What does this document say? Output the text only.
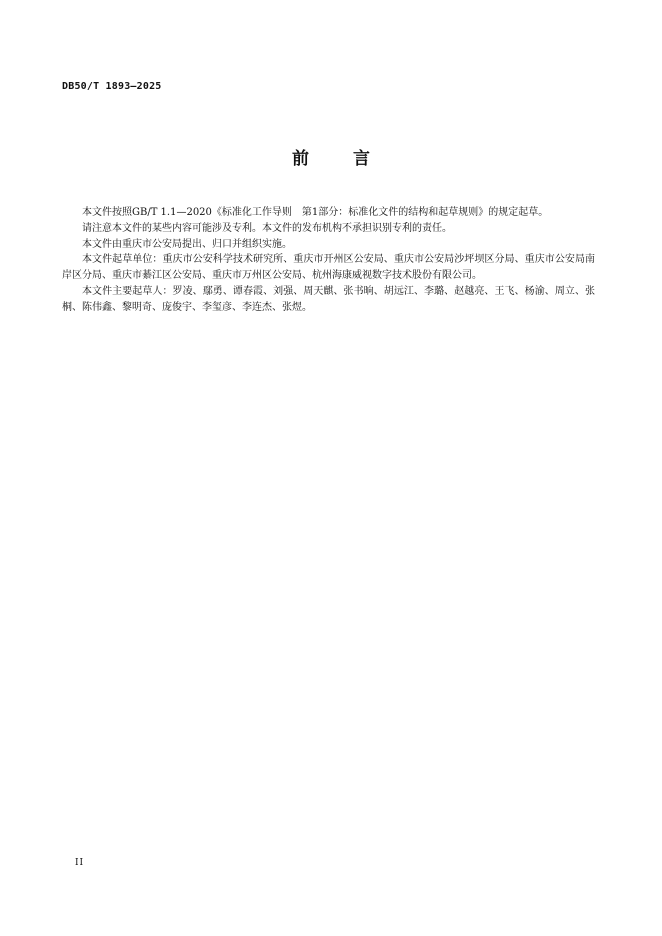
DB50/T 1893—2025
前	言

本文件按照GB/T 1.1—2020《标准化工作导则　第1部分：标准化文件的结构和起草规则》的规定起草。

请注意本文件的某些内容可能涉及专利。本文件的发布机构不承担识别专利的责任。

本文件由重庆市公安局提出、归口并组织实施。

本文件起草单位：重庆市公安科学技术研究所、重庆市开州区公安局、重庆市公安局沙坪坝区分局、重庆市公安局南岸区分局、重庆市綦江区公安局、重庆市万州区公安局、杭州海康威视数字技术股份有限公司。

本文件主要起草人：罗凌、鄢勇、谭春霞、刘强、周天麒、张书晌、胡远江、李璐、赵越亮、王飞、杨渝、周立、张桐、陈伟鑫、黎明奇、庞俊宇、李玺彦、李连杰、张煜。

II
